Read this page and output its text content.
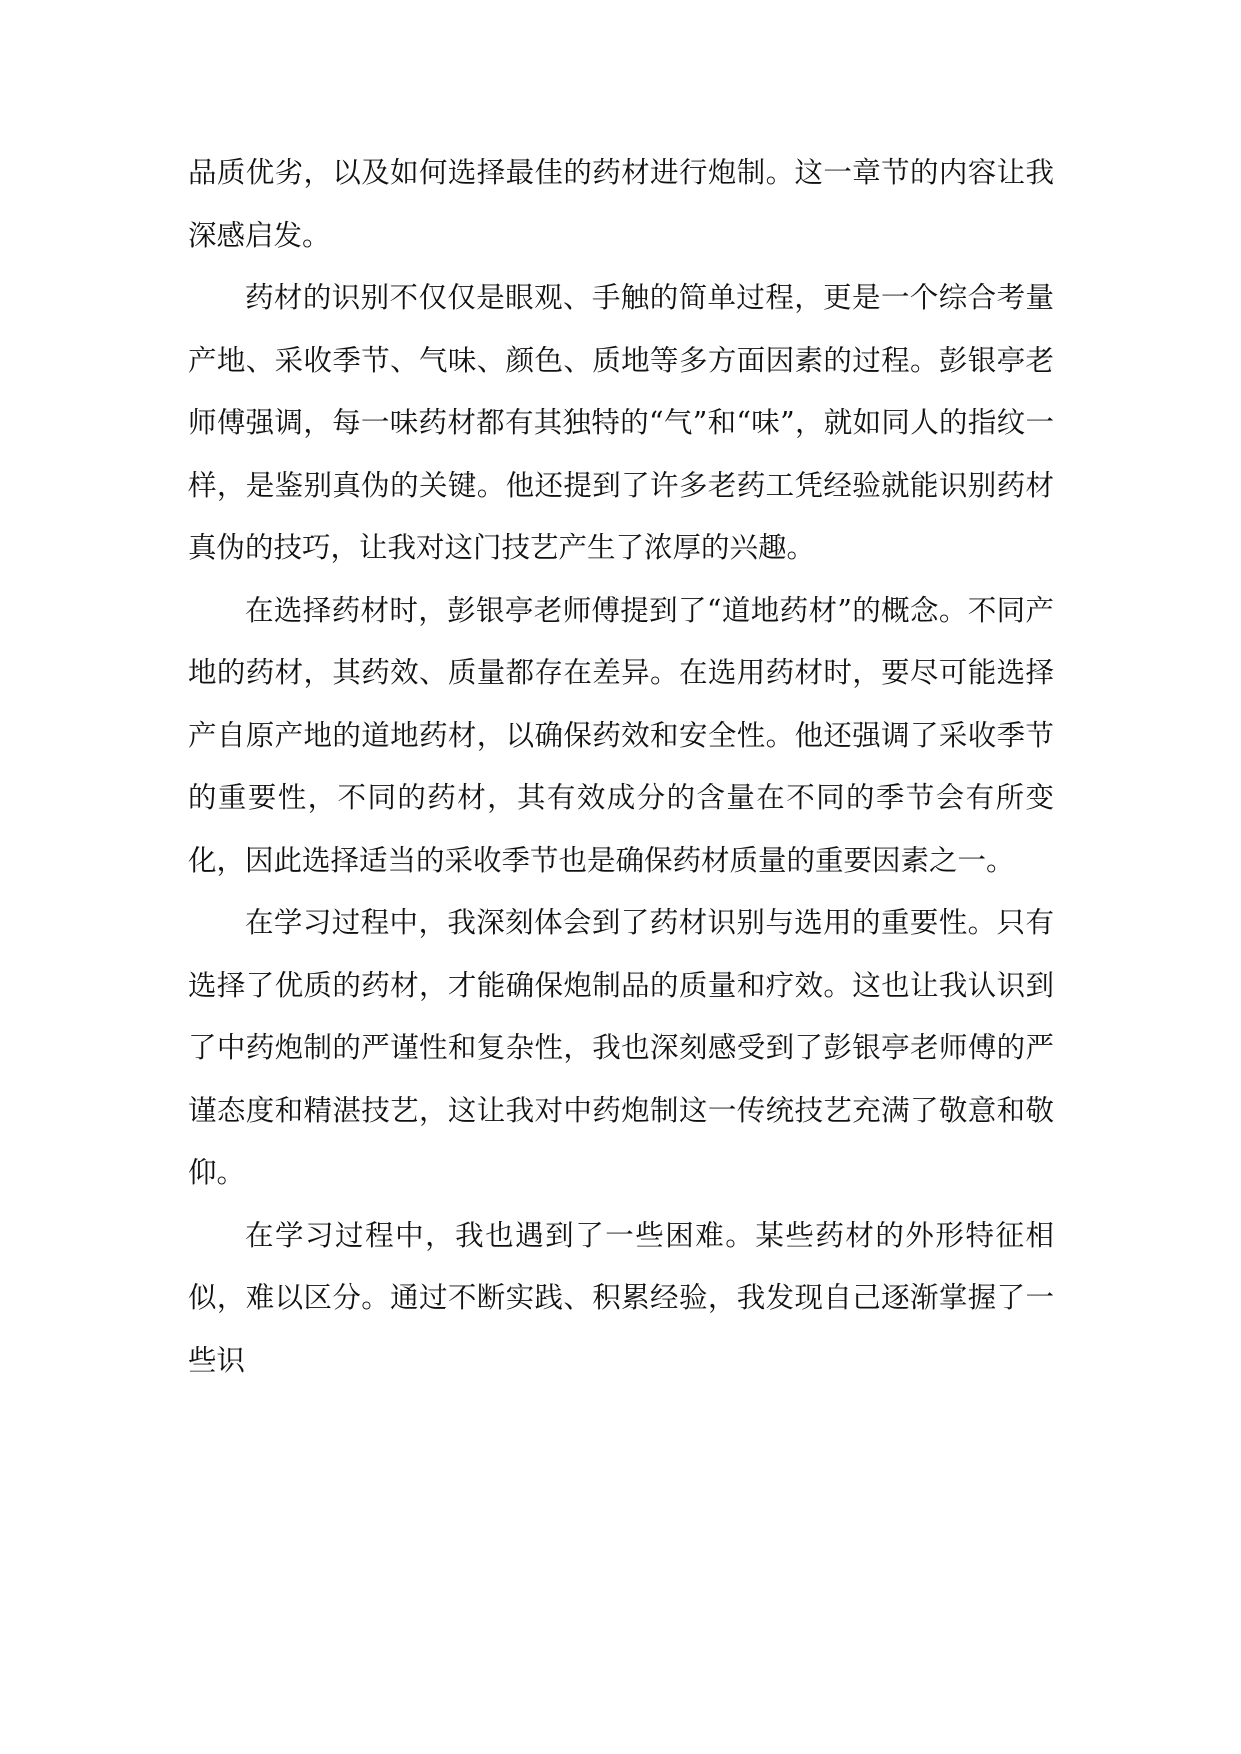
品质优劣，以及如何选择最佳的药材进行炮制。这一章节的内容让我深感启发。

药材的识别不仅仅是眼观、手触的简单过程，更是一个综合考量产地、采收季节、气味、颜色、质地等多方面因素的过程。彭银亭老师傅强调，每一味药材都有其独特的“气”和“味”，就如同人的指纹一样，是鉴别真伪的关键。他还提到了许多老药工凭经验就能识别药材真伪的技巧，让我对这门技艺产生了浓厚的兴趣。

在选择药材时，彭银亭老师傅提到了“道地药材”的概念。不同产地的药材，其药效、质量都存在差异。在选用药材时，要尽可能选择产自原产地的道地药材，以确保药效和安全性。他还强调了采收季节的重要性，不同的药材，其有效成分的含量在不同的季节会有所变化，因此选择适当的采收季节也是确保药材质量的重要因素之一。

在学习过程中，我深刻体会到了药材识别与选用的重要性。只有选择了优质的药材，才能确保炮制品的质量和疗效。这也让我认识到了中药炮制的严谨性和复杂性，我也深刻感受到了彭银亭老师傅的严谨态度和精湛技艺，这让我对中药炮制这一传统技艺充满了敬意和敬仰。

在学习过程中，我也遇到了一些困难。某些药材的外形特征相似，难以区分。通过不断实践、积累经验，我发现自己逐渐掌握了一些识
